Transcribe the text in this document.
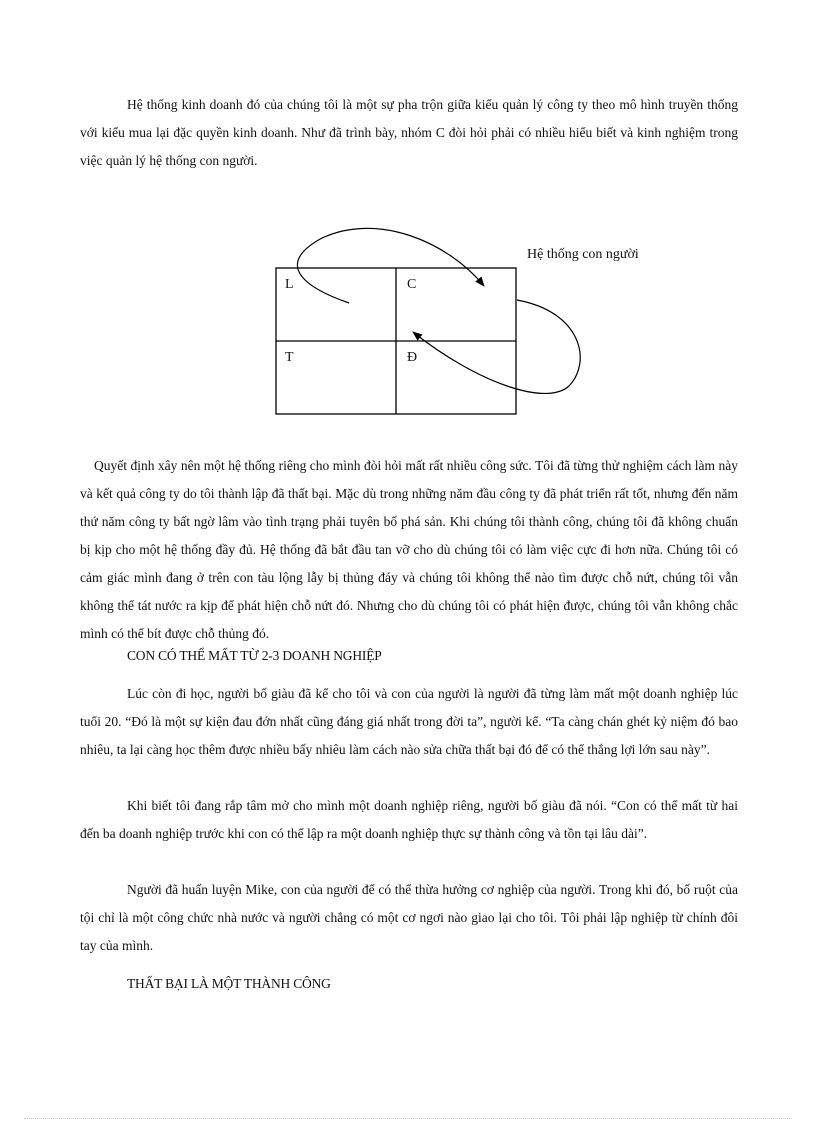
Hệ thống kinh doanh đó của chúng tôi là một sự pha trộn giữa kiểu quản lý công ty theo mô hình truyền thống với kiểu mua lại đặc quyền kinh doanh. Như đã trình bày, nhóm C đòi hỏi phải có nhiều hiểu biết và kinh nghiệm trong việc quản lý hệ thống con người.

L	C
T	Đ
Hệ thống con người

Quyết định xây nên một hệ thống riêng cho mình đòi hỏi mất rất nhiều công sức. Tôi đã từng thử nghiệm cách làm này và kết quả công ty do tôi thành lập đã thất bại. Mặc dù trong những năm đầu công ty đã phát triển rất tốt, nhưng đến năm thứ năm công ty bất ngờ lâm vào tình trạng phải tuyên bố phá sản. Khi chúng tôi thành công, chúng tôi đã không chuẩn bị kịp cho một hệ thống đầy đủ. Hệ thống đã bắt đầu tan vỡ cho dù chúng tôi có làm việc cực đi hơn nữa. Chúng tôi có cảm giác mình đang ở trên con tàu lộng lẫy bị thủng đáy và chúng tôi không thể nào tìm được chỗ nứt, chúng tôi vẫn không thể tát nước ra kịp để phát hiện chỗ nứt đó. Nhưng cho dù chúng tôi có phát hiện được, chúng tôi vẫn không chắc mình có thể bít được chỗ thủng đó.

CON CÓ THỂ MẤT TỪ 2-3 DOANH NGHIỆP

Lúc còn đi học, người bố giàu đã kể cho tôi và con của người là người đã từng làm mất một doanh nghiệp lúc tuổi 20. “Đó là một sự kiện đau đớn nhất cũng đáng giá nhất trong đời ta”, người kể. “Ta càng chán ghét kỷ niệm đó bao nhiêu, ta lại càng học thêm được nhiều bấy nhiêu làm cách nào sửa chữa thất bại đó để có thể thắng lợi lớn sau này”.

Khi biết tôi đang rắp tâm mở cho mình một doanh nghiệp riêng, người bố giàu đã nói. “Con có thể mất từ hai đến ba doanh nghiệp trước khi con có thể lập ra một doanh nghiệp thực sự thành công và tồn tại lâu dài”.

Người đã huấn luyện Mike, con của người để có thể thừa hưởng cơ nghiệp của người. Trong khi đó, bố ruột của tội chỉ là một công chức nhà nước và người chẳng có một cơ ngơi nào giao lại cho tôi. Tôi phải lập nghiệp từ chính đôi tay của mình.

THẤT BẠI LÀ MỘT THÀNH CÔNG
